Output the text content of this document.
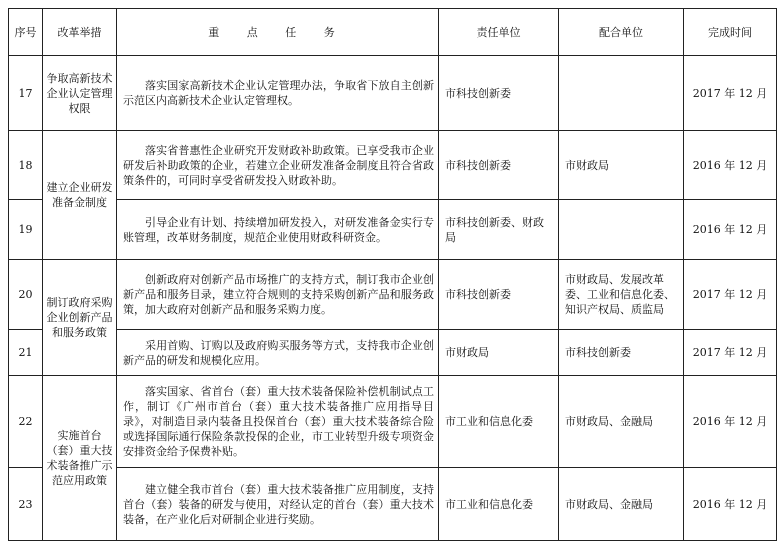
序号	改革举措	重 点 任 务	责任单位	配合单位	完成时间
17	争取高新技术企业认定管理权限	落实国家高新技术企业认定管理办法，争取省下放自主创新示范区内高新技术企业认定管理权。	市科技创新委		2017 年 12 月
18	建立企业研发准备金制度	落实省普惠性企业研究开发财政补助政策。已享受我市企业研发后补助政策的企业，若建立企业研发准备金制度且符合省政策条件的，可同时享受省研发投入财政补助。	市科技创新委	市财政局	2016 年 12 月
19		引导企业有计划、持续增加研发投入，对研发准备金实行专账管理，改革财务制度，规范企业使用财政科研资金。	市科技创新委、财政局		2016 年 12 月
20	制订政府采购企业创新产品和服务政策	创新政府对创新产品市场推广的支持方式，制订我市企业创新产品和服务目录，建立符合规则的支持采购创新产品和服务政策，加大政府对创新产品和服务采购力度。	市科技创新委	市财政局、发展改革委、工业和信息化委、知识产权局、质监局	2017 年 12 月
21		采用首购、订购以及政府购买服务等方式，支持我市企业创新产品的研发和规模化应用。	市财政局	市科技创新委	2017 年 12 月
22	实施首台（套）重大技术装备推广示范应用政策	落实国家、省首台（套）重大技术装备保险补偿机制试点工作，制订《广州市首台（套）重大技术装备推广应用指导目录》，对制造目录内装备且投保首台（套）重大技术装备综合险或选择国际通行保险条款投保的企业，市工业转型升级专项资金安排资金给予保费补贴。	市工业和信息化委	市财政局、金融局	2016 年 12 月
23		建立健全我市首台（套）重大技术装备推广应用制度，支持首台（套）装备的研发与使用，对经认定的首台（套）重大技术装备，在产业化后对研制企业进行奖励。	市工业和信息化委	市财政局、金融局	2016 年 12 月
